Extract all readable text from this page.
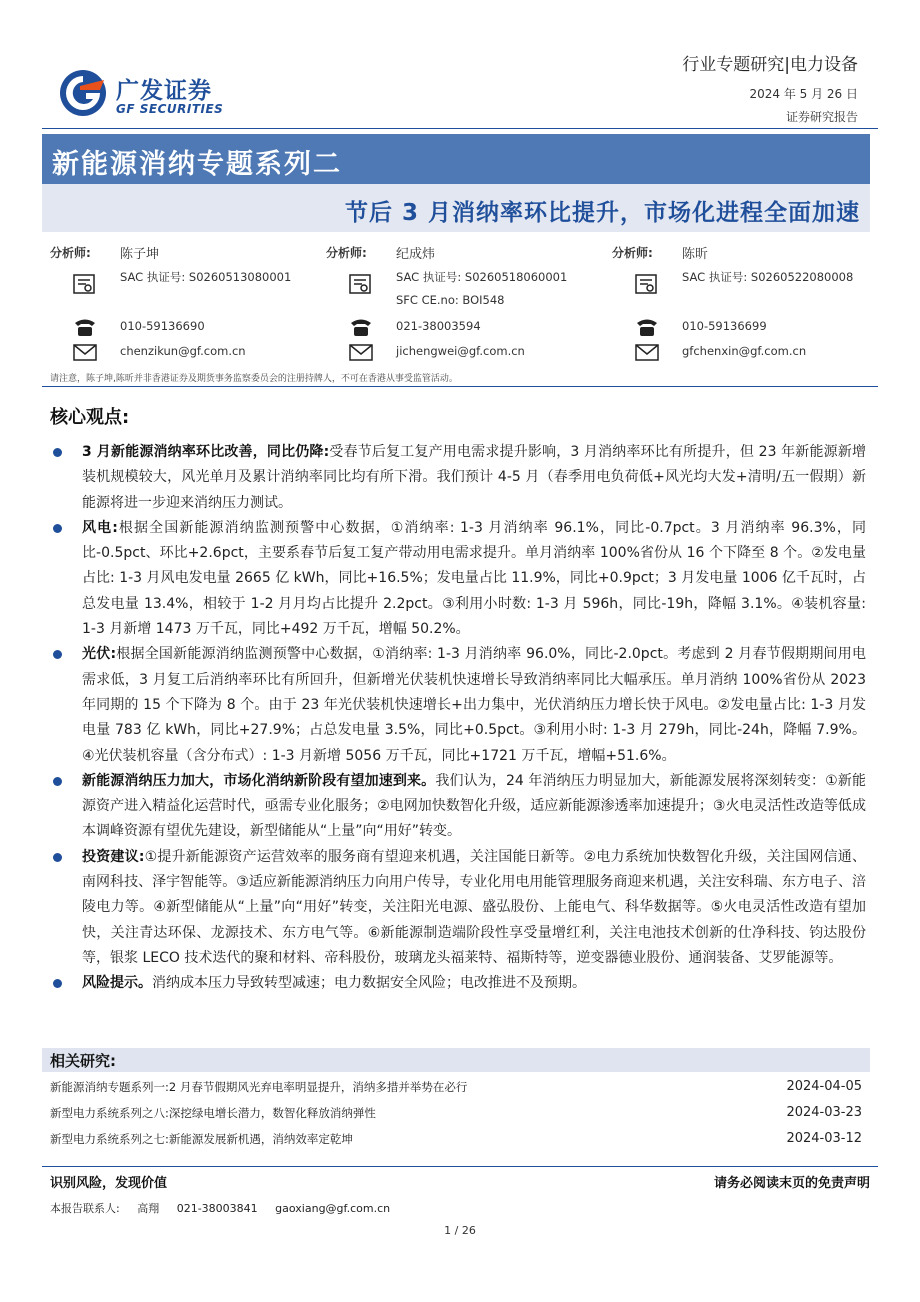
广发证券
GF SECURITIES
行业专题研究|电力设备
2024 年 5 月 26 日
证券研究报告
新能源消纳专题系列二
节后 3 月消纳率环比提升，市场化进程全面加速
分析师: 陈子坤
SAC 执证号: S0260513080001
010-59136690
chenzikun@gf.com.cn
分析师: 纪成炜
SAC 执证号: S0260518060001
SFC CE.no: BOI548
021-38003594
jichengwei@gf.com.cn
分析师: 陈昕
SAC 执证号: S0260522080008
010-59136699
gfchenxin@gf.com.cn
请注意，陈子坤,陈昕并非香港证券及期货事务监察委员会的注册持牌人，不可在香港从事受监管活动。
核心观点:
3 月新能源消纳率环比改善，同比仍降:受春节后复工复产用电需求提升影响，3 月消纳率环比有所提升，但 23 年新能源新增装机规模较大，风光单月及累计消纳率同比均有所下滑。我们预计 4-5 月（春季用电负荷低+风光均大发+清明/五一假期）新能源将进一步迎来消纳压力测试。
风电:根据全国新能源消纳监测预警中心数据，①消纳率: 1-3 月消纳率 96.1%，同比-0.7pct。3 月消纳率 96.3%，同比-0.5pct、环比+2.6pct，主要系春节后复工复产带动用电需求提升。单月消纳率 100%省份从 16 个下降至 8 个。②发电量占比: 1-3 月风电发电量 2665 亿 kWh，同比+16.5%；发电量占比 11.9%，同比+0.9pct；3 月发电量 1006 亿千瓦时，占总发电量 13.4%，相较于 1-2 月月均占比提升 2.2pct。③利用小时数: 1-3 月 596h，同比-19h，降幅 3.1%。④装机容量: 1-3 月新增 1473 万千瓦，同比+492 万千瓦，增幅 50.2%。
光伏:根据全国新能源消纳监测预警中心数据，①消纳率: 1-3 月消纳率 96.0%，同比-2.0pct。考虑到 2 月春节假期期间用电需求低，3 月复工后消纳率环比有所回升，但新增光伏装机快速增长导致消纳率同比大幅承压。单月消纳 100%省份从 2023 年同期的 15 个下降为 8 个。由于 23 年光伏装机快速增长+出力集中，光伏消纳压力增长快于风电。②发电量占比: 1-3 月发电量 783 亿 kWh，同比+27.9%；占总发电量 3.5%，同比+0.5pct。③利用小时: 1-3 月 279h，同比-24h，降幅 7.9%。④光伏装机容量（含分布式）: 1-3 月新增 5056 万千瓦，同比+1721 万千瓦，增幅+51.6%。
新能源消纳压力加大，市场化消纳新阶段有望加速到来。我们认为，24 年消纳压力明显加大，新能源发展将深刻转变：①新能源资产进入精益化运营时代，亟需专业化服务；②电网加快数智化升级，适应新能源渗透率加速提升；③火电灵活性改造等低成本调峰资源有望优先建设，新型储能从“上量”向“用好”转变。
投资建议:①提升新能源资产运营效率的服务商有望迎来机遇，关注国能日新等。②电力系统加快数智化升级，关注国网信通、南网科技、泽宇智能等。③适应新能源消纳压力向用户传导，专业化用电用能管理服务商迎来机遇，关注安科瑞、东方电子、涪陵电力等。④新型储能从“上量”向“用好”转变，关注阳光电源、盛弘股份、上能电气、科华数据等。⑤火电灵活性改造有望加快，关注青达环保、龙源技术、东方电气等。⑥新能源制造端阶段性享受量增红利，关注电池技术创新的仕净科技、钧达股份等，银浆 LECO 技术迭代的聚和材料、帝科股份，玻璃龙头福莱特、福斯特等，逆变器德业股份、通润装备、艾罗能源等。
风险提示。消纳成本压力导致转型减速；电力数据安全风险；电改推进不及预期。
相关研究:
新能源消纳专题系列一:2 月春节假期风光弃电率明显提升，消纳多措并举势在必行	2024-04-05
新型电力系统系列之八:深挖绿电增长潜力，数智化释放消纳弹性	2024-03-23
新型电力系统系列之七:新能源发展新机遇，消纳效率定乾坤	2024-03-12
识别风险，发现价值	请务必阅读末页的免责声明
本报告联系人: 高翔 021-38003841 gaoxiang@gf.com.cn
1 / 26
